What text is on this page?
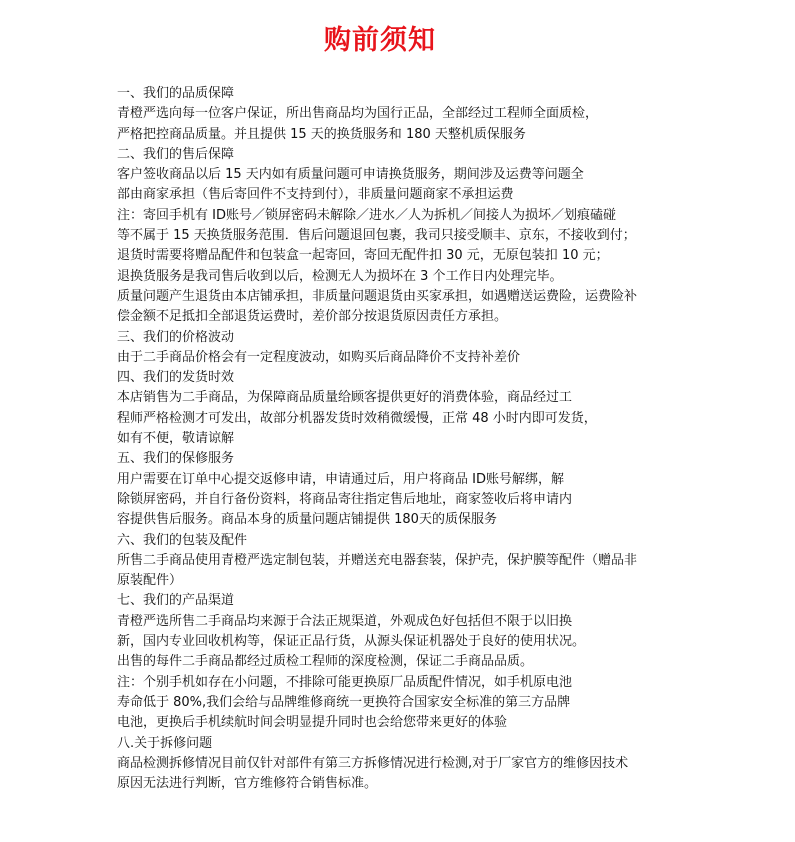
购前须知
一、我们的品质保障
青橙严选向每一位客户保证，所出售商品均为国行正品，全部经过工程师全面质检，
严格把控商品质量。并且提供 15 天的换货服务和 180 天整机质保服务
二、我们的售后保障
客户签收商品以后 15 天内如有质量问题可申请换货服务，期间涉及运费等问题全
部由商家承担（售后寄回件不支持到付），非质量问题商家不承担运费
注：寄回手机有 ID账号／锁屏密码未解除／进水／人为拆机／间接人为损坏／划痕磕碰
等不属于 15 天换货服务范围．售后问题退回包裹，我司只接受顺丰、京东，不接收到付；
退货时需要将赠品配件和包装盒一起寄回，寄回无配件扣 30 元，无原包装扣 10 元；
退换货服务是我司售后收到以后，检测无人为损坏在 3 个工作日内处理完毕。
质量问题产生退货由本店铺承担，非质量问题退货由买家承担，如遇赠送运费险，运费险补
偿金额不足抵扣全部退货运费时，差价部分按退货原因责任方承担。
三、我们的价格波动
由于二手商品价格会有一定程度波动，如购买后商品降价不支持补差价
四、我们的发货时效
本店销售为二手商品，为保障商品质量给顾客提供更好的消费体验，商品经过工
程师严格检测才可发出，故部分机器发货时效稍微缓慢，正常 48 小时内即可发货，
如有不便，敬请谅解
五、我们的保修服务
用户需要在订单中心提交返修申请，申请通过后，用户将商品 ID账号解绑，解
除锁屏密码，并自行备份资料，将商品寄往指定售后地址，商家签收后将申请内
容提供售后服务。商品本身的质量问题店铺提供 180天的质保服务
六、我们的包装及配件
所售二手商品使用青橙严选定制包装，并赠送充电器套装，保护壳，保护膜等配件（赠品非
原装配件）
七、我们的产品渠道
青橙严选所售二手商品均来源于合法正规渠道，外观成色好包括但不限于以旧换
新，国内专业回收机构等，保证正品行货，从源头保证机器处于良好的使用状况。
出售的每件二手商品都经过质检工程师的深度检测，保证二手商品品质。
注：个别手机如存在小问题，不排除可能更换原厂品质配件情况，如手机原电池
寿命低于 80%,我们会给与品牌维修商统一更换符合国家安全标准的第三方品牌
电池，更换后手机续航时间会明显提升同时也会给您带来更好的体验
八.关于拆修问题
商品检测拆修情况目前仅针对部件有第三方拆修情况进行检测,对于厂家官方的维修因技术
原因无法进行判断，官方维修符合销售标准。
